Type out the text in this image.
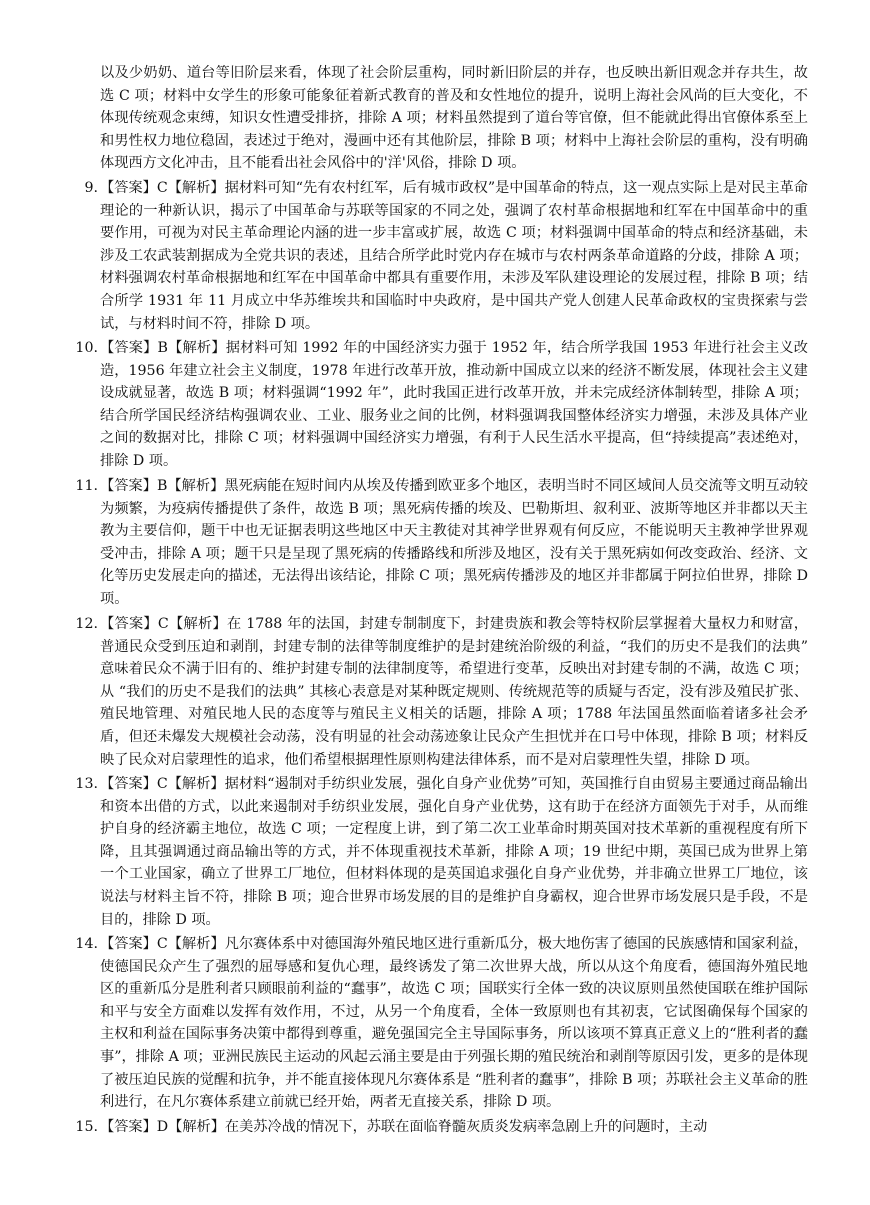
以及少奶奶、道台等旧阶层来看，体现了社会阶层重构，同时新旧阶层的并存，也反映出新旧观念并存共生，故选 C 项；材料中女学生的形象可能象征着新式教育的普及和女性地位的提升，说明上海社会风尚的巨大变化，不体现传统观念束缚，知识女性遭受排挤，排除 A 项；材料虽然提到了道台等官僚，但不能就此得出官僚体系至上和男性权力地位稳固，表述过于绝对，漫画中还有其他阶层，排除 B 项；材料中上海社会阶层的重构，没有明确体现西方文化冲击，且不能看出社会风俗中的'洋'风俗，排除 D 项。
9. 【答案】C【解析】据材料可知“先有农村红军，后有城市政权”是中国革命的特点，这一观点实际上是对民主革命理论的一种新认识，揭示了中国革命与苏联等国家的不同之处，强调了农村革命根据地和红军在中国革命中的重要作用，可视为对民主革命理论内涵的进一步丰富或扩展，故选 C 项；材料强调中国革命的特点和经济基础，未涉及工农武装割据成为全党共识的表述，且结合所学此时党内存在城市与农村两条革命道路的分歧，排除 A 项；材料强调农村革命根据地和红军在中国革命中都具有重要作用，未涉及军队建设理论的发展过程，排除 B 项；结合所学 1931 年 11 月成立中华苏维埃共和国临时中央政府，是中国共产党人创建人民革命政权的宝贵探索与尝试，与材料时间不符，排除 D 项。
10. 【答案】B【解析】据材料可知 1992 年的中国经济实力强于 1952 年，结合所学我国 1953 年进行社会主义改造，1956 年建立社会主义制度，1978 年进行改革开放，推动新中国成立以来的经济不断发展，体现社会主义建设成就显著，故选 B 项；材料强调“1992 年”，此时我国正进行改革开放，并未完成经济体制转型，排除 A 项；结合所学国民经济结构强调农业、工业、服务业之间的比例，材料强调我国整体经济实力增强，未涉及具体产业之间的数据对比，排除 C 项；材料强调中国经济实力增强，有利于人民生活水平提高，但“持续提高”表述绝对，排除 D 项。
11. 【答案】B【解析】黑死病能在短时间内从埃及传播到欧亚多个地区，表明当时不同区域间人员交流等文明互动较为频繁，为疫病传播提供了条件，故选 B 项；黑死病传播的埃及、巴勒斯坦、叙利亚、波斯等地区并非都以天主教为主要信仰，题干中也无证据表明这些地区中天主教徒对其神学世界观有何反应，不能说明天主教神学世界观受冲击，排除 A 项；题干只是呈现了黑死病的传播路线和所涉及地区，没有关于黑死病如何改变政治、经济、文化等历史发展走向的描述，无法得出该结论，排除 C 项；黑死病传播涉及的地区并非都属于阿拉伯世界，排除 D 项。
12. 【答案】C【解析】在 1788 年的法国，封建专制制度下，封建贵族和教会等特权阶层掌握着大量权力和财富，普通民众受到压迫和剥削，封建专制的法律等制度维护的是封建统治阶级的利益，“我们的历史不是我们的法典” 意味着民众不满于旧有的、维护封建专制的法律制度等，希望进行变革，反映出对封建专制的不满，故选 C 项；从 “我们的历史不是我们的法典” 其核心表意是对某种既定规则、传统规范等的质疑与否定，没有涉及殖民扩张、殖民地管理、对殖民地人民的态度等与殖民主义相关的话题，排除 A 项；1788 年法国虽然面临着诸多社会矛盾，但还未爆发大规模社会动荡，没有明显的社会动荡迹象让民众产生担忧并在口号中体现，排除 B 项；材料反映了民众对启蒙理性的追求，他们希望根据理性原则构建法律体系，而不是对启蒙理性失望，排除 D 项。
13. 【答案】C【解析】据材料“遏制对手纺织业发展，强化自身产业优势”可知，英国推行自由贸易主要通过商品输出和资本出借的方式，以此来遏制对手纺织业发展，强化自身产业优势，这有助于在经济方面领先于对手，从而维护自身的经济霸主地位，故选 C 项；一定程度上讲，到了第二次工业革命时期英国对技术革新的重视程度有所下降，且其强调通过商品输出等的方式，并不体现重视技术革新，排除 A 项；19 世纪中期，英国已成为世界上第一个工业国家，确立了世界工厂地位，但材料体现的是英国追求强化自身产业优势，并非确立世界工厂地位，该说法与材料主旨不符，排除 B 项；迎合世界市场发展的目的是维护自身霸权，迎合世界市场发展只是手段，不是目的，排除 D 项。
14. 【答案】C【解析】凡尔赛体系中对德国海外殖民地区进行重新瓜分，极大地伤害了德国的民族感情和国家利益，使德国民众产生了强烈的屈辱感和复仇心理，最终诱发了第二次世界大战，所以从这个角度看，德国海外殖民地区的重新瓜分是胜利者只顾眼前利益的“蠢事”，故选 C 项；国联实行全体一致的决议原则虽然使国联在维护国际和平与安全方面难以发挥有效作用，不过，从另一个角度看，全体一致原则也有其初衷，它试图确保每个国家的主权和利益在国际事务决策中都得到尊重，避免强国完全主导国际事务，所以该项不算真正意义上的“胜利者的蠢事”，排除 A 项；亚洲民族民主运动的风起云涌主要是由于列强长期的殖民统治和剥削等原因引发，更多的是体现了被压迫民族的觉醒和抗争，并不能直接体现凡尔赛体系是 “胜利者的蠢事”，排除 B 项；苏联社会主义革命的胜利进行，在凡尔赛体系建立前就已经开始，两者无直接关系，排除 D 项。
15. 【答案】D【解析】在美苏冷战的情况下，苏联在面临脊髓灰质炎发病率急剧上升的问题时，主动
